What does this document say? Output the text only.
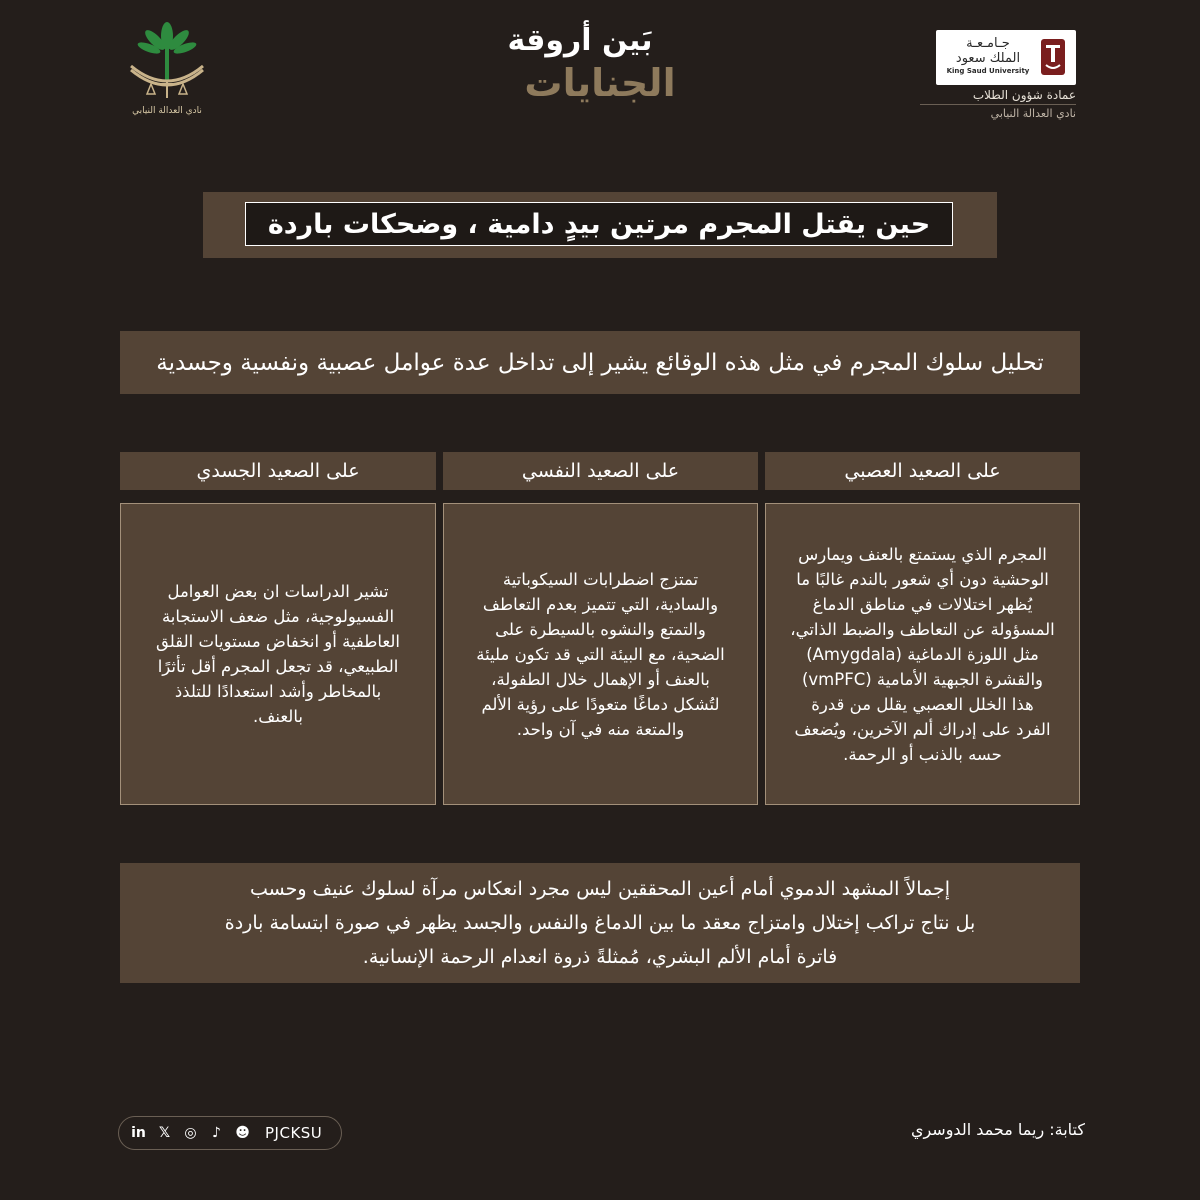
نادي العدالة النيابي
بَين أروقة
الجنايات
جـامـعـة
الملك سعود
King Saud University
عمادة شؤون الطلاب
نادي العدالة النيابي
حين يقتل المجرم مرتين بيدٍ دامية ، وضحكات باردة
تحليل سلوك المجرم في مثل هذه الوقائع يشير إلى تداخل عدة عوامل عصبية ونفسية وجسدية
على الصعيد العصبي
على الصعيد النفسي
على الصعيد الجسدي

المجرم الذي يستمتع بالعنف ويمارس
الوحشية دون أي شعور بالندم غالبًا ما
يُظهر اختلالات في مناطق الدماغ
المسؤولة عن التعاطف والضبط الذاتي،
مثل اللوزة الدماغية (Amygdala)
والقشرة الجبهية الأمامية (vmPFC)
هذا الخلل العصبي يقلل من قدرة
الفرد على إدراك ألم الآخرين، ويُضعف
حسه بالذنب أو الرحمة.

تمتزج اضطرابات السيكوباتية
والسادية، التي تتميز بعدم التعاطف
والتمتع والنشوه بالسيطرة على
الضحية، مع البيئة التي قد تكون مليئة
بالعنف أو الإهمال خلال الطفولة،
لتُشكل دماغًا متعودًا على رؤية الألم
والمتعة منه في آن واحد.

تشير الدراسات ان بعض العوامل
الفسيولوجية، مثل ضعف الاستجابة
العاطفية أو انخفاض مستويات القلق
الطبيعي، قد تجعل المجرم أقل تأثرًا
بالمخاطر وأشد استعدادًا للتلذذ
بالعنف.

إجمالاً المشهد الدموي أمام أعين المحققين ليس مجرد انعكاس مرآة لسلوك عنيف وحسب
بل نتاج تراكب إختلال وامتزاج معقد ما بين الدماغ والنفس والجسد يظهر في صورة ابتسامة باردة
فاترة أمام الألم البشري، مُمثلةً ذروة انعدام الرحمة الإنسانية.

كتابة: ريما محمد الدوسري
in 𝕏 ◎	♪	☻ PJCKSU
